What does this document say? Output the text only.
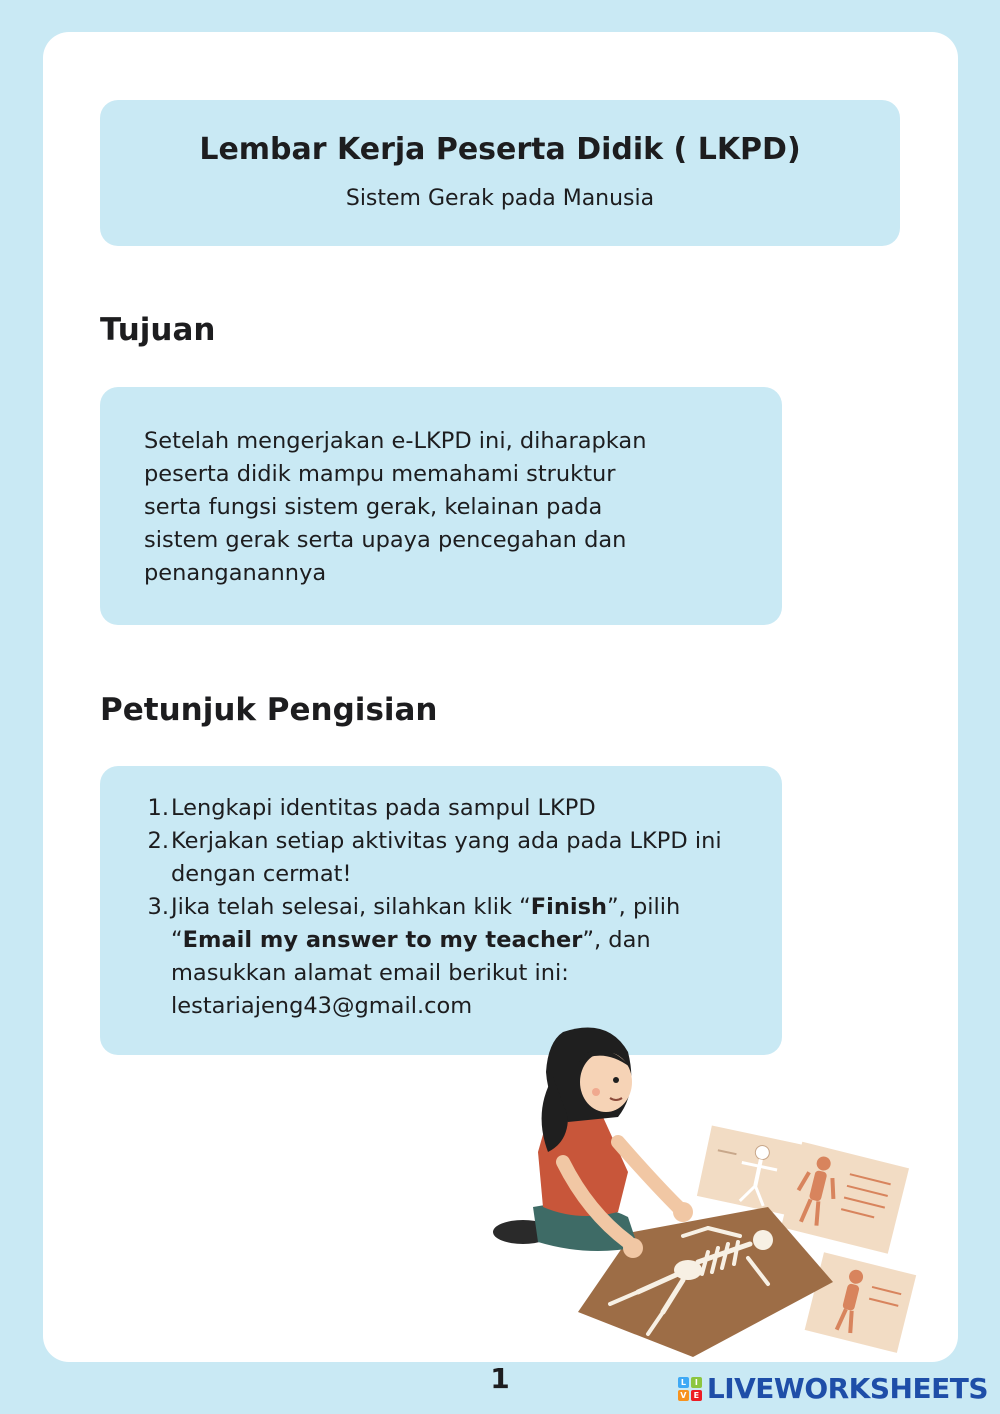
Lembar Kerja Peserta Didik ( LKPD)
Sistem Gerak pada Manusia
Tujuan
Setelah mengerjakan e-LKPD ini, diharapkan
peserta didik mampu memahami struktur
serta fungsi sistem gerak, kelainan pada
sistem gerak serta upaya pencegahan dan
penanganannya
Petunjuk Pengisian
1. Lengkapi identitas pada sampul LKPD
2. Kerjakan setiap aktivitas yang ada pada LKPD ini dengan cermat!
3. Jika telah selesai, silahkan klik “Finish”, pilih “Email my answer to my teacher”, dan masukkan alamat email berikut ini:
lestariajeng43@gmail.com
1	L	I
V E LIVEWORKSHEETS
